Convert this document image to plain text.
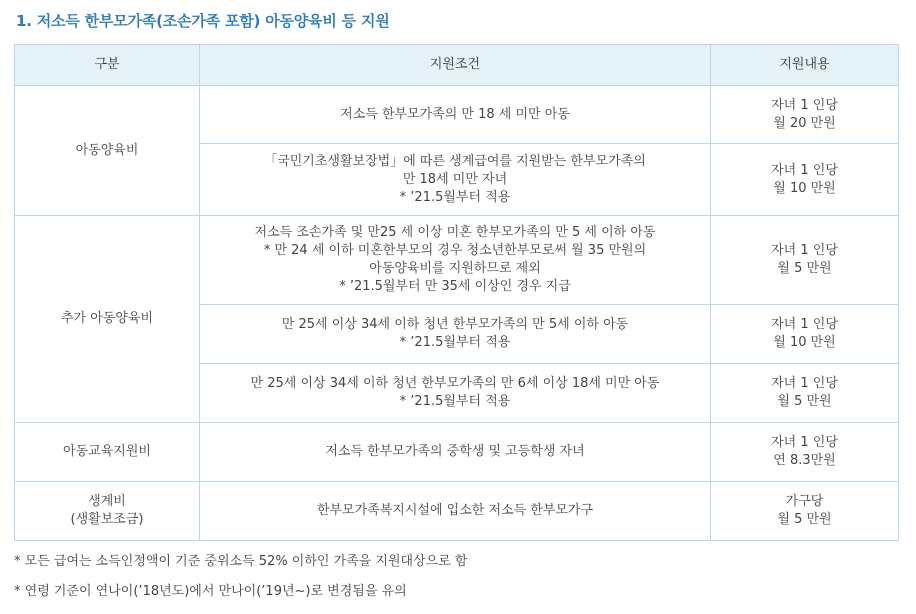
1. 저소득 한부모가족(조손가족 포함) 아동양육비 등 지원
구분	지원조건	지원내용

아동양육비	저소득 한부모가족의 만 18 세 미만 아동	자녀 1 인당
월 20 만원

	「국민기초생활보장법」에 따른 생계급여를 지원받는 한부모가족의
만 18세 미만 자녀
* ’21.5월부터 적용	자녀 1 인당
월 10 만원

추가 아동양육비	저소득 조손가족 및 만25 세 이상 미혼 한부모가족의 만 5 세 이하 아동
* 만 24 세 이하 미혼한부모의 경우 청소년한부모로써 월 35 만원의
아동양육비를 지원하므로 제외
* ’21.5월부터 만 35세 이상인 경우 지급	자녀 1 인당
월 5 만원

	만 25세 이상 34세 이하 청년 한부모가족의 만 5세 이하 아동
* ’21.5월부터 적용	자녀 1 인당
월 10 만원

	만 25세 이상 34세 이하 청년 한부모가족의 만 6세 이상 18세 미만 아동
* ’21.5월부터 적용	자녀 1 인당
월 5 만원

아동교육지원비	저소득 한부모가족의 중학생 및 고등학생 자녀	자녀 1 인당
연 8.3만원

생계비
(생활보조금)	한부모가족복지시설에 입소한 저소득 한부모가구	가구당
월 5 만원
* 모든 급여는 소득인정액이 기준 중위소득 52% 이하인 가족을 지원대상으로 함
* 연령 기준이 연나이(’18년도)에서 만나이(’19년~)로 변경됨을 유의
